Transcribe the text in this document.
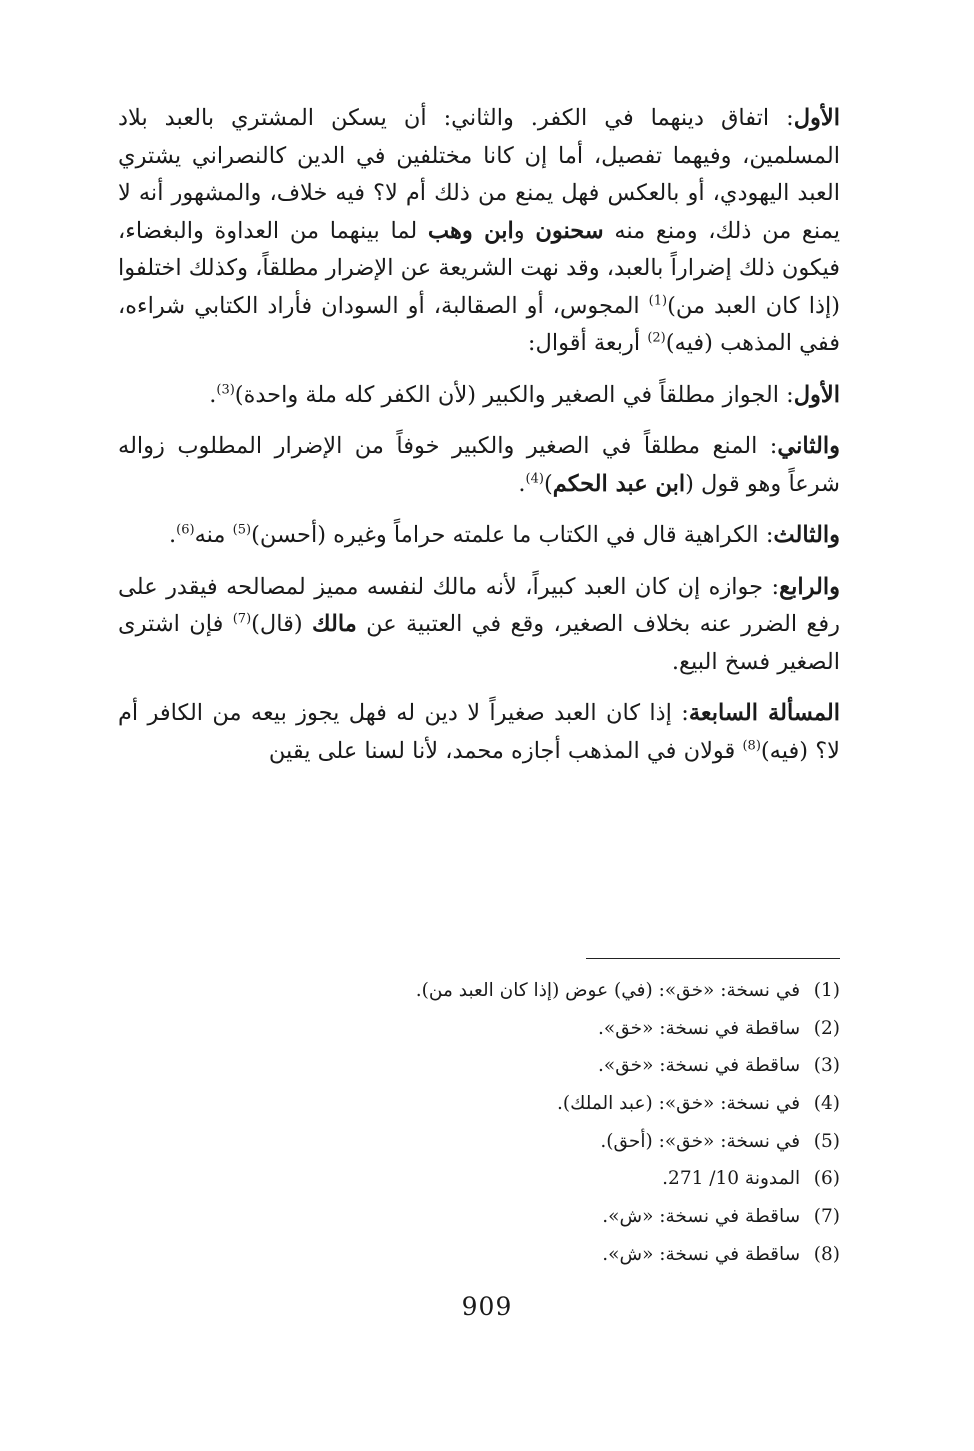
الأول: اتفاق دينهما في الكفر. والثاني: أن يسكن المشتري بالعبد بلاد المسلمين، وفيهما تفصيل، أما إن كانا مختلفين في الدين كالنصراني يشتري العبد اليهودي، أو بالعكس فهل يمنع من ذلك أم لا؟ فيه خلاف، والمشهور أنه لا يمنع من ذلك، ومنع منه سحنون وابن وهب لما بينهما من العداوة والبغضاء، فيكون ذلك إضراراً بالعبد، وقد نهت الشريعة عن الإضرار مطلقاً، وكذلك اختلفوا (إذا كان العبد من)$^{(1)}$ المجوس، أو الصقالبة، أو السودان فأراد الكتابي شراءه، ففي المذهب (فيه)$^{(2)}$ أربعة أقوال:

الأول: الجواز مطلقاً في الصغير والكبير (لأن الكفر كله ملة واحدة)$^{(3)}$.

والثاني: المنع مطلقاً في الصغير والكبير خوفاً من الإضرار المطلوب زواله شرعاً وهو قول (ابن عبد الحكم)$^{(4)}$.

والثالث: الكراهية قال في الكتاب ما علمته حراماً وغيره (أحسن)$^{(5)}$ منه$^{(6)}$.

والرابع: جوازه إن كان العبد كبيراً، لأنه مالك لنفسه مميز لمصالحه فيقدر على رفع الضرر عنه بخلاف الصغير، وقع في العتبية عن مالك (قال)$^{(7)}$ فإن اشترى الصغير فسخ البيع.

المسألة السابعة: إذا كان العبد صغيراً لا دين له فهل يجوز بيعه من الكافر أم لا؟ (فيه)$^{(8)}$ قولان في المذهب أجازه محمد، لأنا لسنا على يقين

(1) في نسخة: «خق»: (في) عوض (إذا كان العبد من).
(2) ساقطة في نسخة: «خق».
(3) ساقطة في نسخة: «خق».
(4) في نسخة: «خق»: (عبد الملك).
(5) في نسخة: «خق»: (أحق).
(6) المدونة 10/ 271.
(7) ساقطة في نسخة: «ش».
(8) ساقطة في نسخة: «ش».
909
